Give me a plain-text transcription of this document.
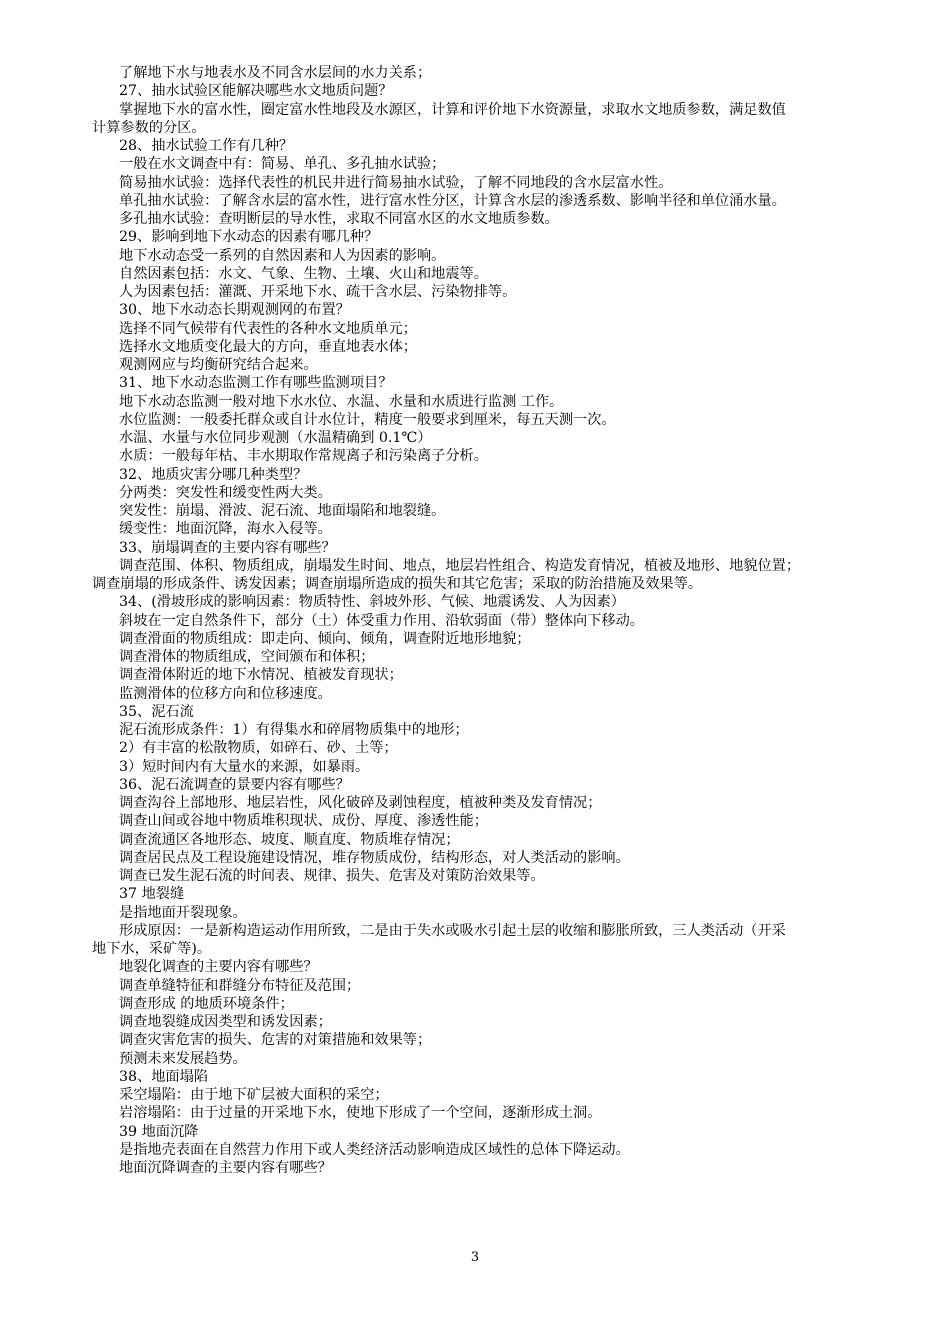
了解地下水与地表水及不同含水层间的水力关系；
27、抽水试验区能解决哪些水文地质问题？
掌握地下水的富水性，圈定富水性地段及水源区，计算和评价地下水资源量，求取水文地质参数，满足数值
计算参数的分区。
28、抽水试验工作有几种？
一般在水文调查中有：简易、单孔、多孔抽水试验；
简易抽水试验：选择代表性的机民井进行简易抽水试验，了解不同地段的含水层富水性。
单孔抽水试验：了解含水层的富水性，进行富水性分区，计算含水层的渗透系数、影响半径和单位涌水量。
多孔抽水试验：查明断层的导水性，求取不同富水区的水文地质参数。
29、影响到地下水动态的因素有哪几种？
地下水动态受一系列的自然因素和人为因素的影响。
自然因素包括：水文、气象、生物、土壤、火山和地震等。
人为因素包括：灌溉、开采地下水、疏干含水层、污染物排等。
30、地下水动态长期观测网的布置？
选择不同气候带有代表性的各种水文地质单元；
选择水文地质变化最大的方向，垂直地表水体；
观测网应与均衡研究结合起来。
31、地下水动态监测工作有哪些监测项目？
地下水动态监测一般对地下水水位、水温、水量和水质进行监测 工作。
水位监测：一般委托群众或自计水位计，精度一般要求到厘米，每五天测一次。
水温、水量与水位同步观测（水温精确到 0.1℃）
水质：一般每年枯、丰水期取作常规离子和污染离子分析。
32、地质灾害分哪几种类型？
分两类：突发性和缓变性两大类。
突发性：崩塌、滑波、泥石流、地面塌陷和地裂缝。
缓变性：地面沉降，海水入侵等。
33、崩塌调查的主要内容有哪些？
调查范围、体积、物质组成，崩塌发生时间、地点，地层岩性组合、构造发育情况，植被及地形、地貌位置；
调查崩塌的形成条件、诱发因素；调查崩塌所造成的损失和其它危害；采取的防治措施及效果等。
34、(滑坡形成的影响因素：物质特性、斜坡外形、气候、地震诱发、人为因素）
斜坡在一定自然条件下，部分（土）体受重力作用、沿软弱面（带）整体向下移动。
调查滑面的物质组成：即走向、倾向、倾角，调查附近地形地貌；
调查滑体的物质组成，空间颁布和体积；
调查滑体附近的地下水情况、植被发育现状；
监测滑体的位移方向和位移速度。
35、泥石流
泥石流形成条件：1）有得集水和碎屑物质集中的地形；
2）有丰富的松散物质，如碎石、砂、土等；
3）短时间内有大量水的来源，如暴雨。
36、泥石流调查的景要内容有哪些？
调查沟谷上部地形、地层岩性，风化破碎及剥蚀程度，植被种类及发育情况；
调查山间或谷地中物质堆积现状、成份、厚度、渗透性能；
调查流通区各地形态、坡度、顺直度、物质堆存情况；
调查居民点及工程设施建设情况，堆存物质成份，结构形态，对人类活动的影响。
调查已发生泥石流的时间表、规律、损失、危害及对策防治效果等。
37 地裂缝
是指地面开裂现象。
形成原因：一是新构造运动作用所致，二是由于失水或吸水引起土层的收缩和膨胀所致，三人类活动（开采
地下水，采矿等)。
地裂化调查的主要内容有哪些？
调查单缝特征和群缝分布特征及范围；
调查形成 的地质环境条件；
调查地裂缝成因类型和诱发因素；
调查灾害危害的损失、危害的对策措施和效果等；
预测未来发展趋势。
38、地面塌陷
采空塌陷：由于地下矿层被大面积的采空；
岩溶塌陷：由于过量的开采地下水，使地下形成了一个空间，逐渐形成土洞。
39 地面沉降
是指地壳表面在自然营力作用下或人类经济活动影响造成区域性的总体下降运动。
地面沉降调查的主要内容有哪些？
3
